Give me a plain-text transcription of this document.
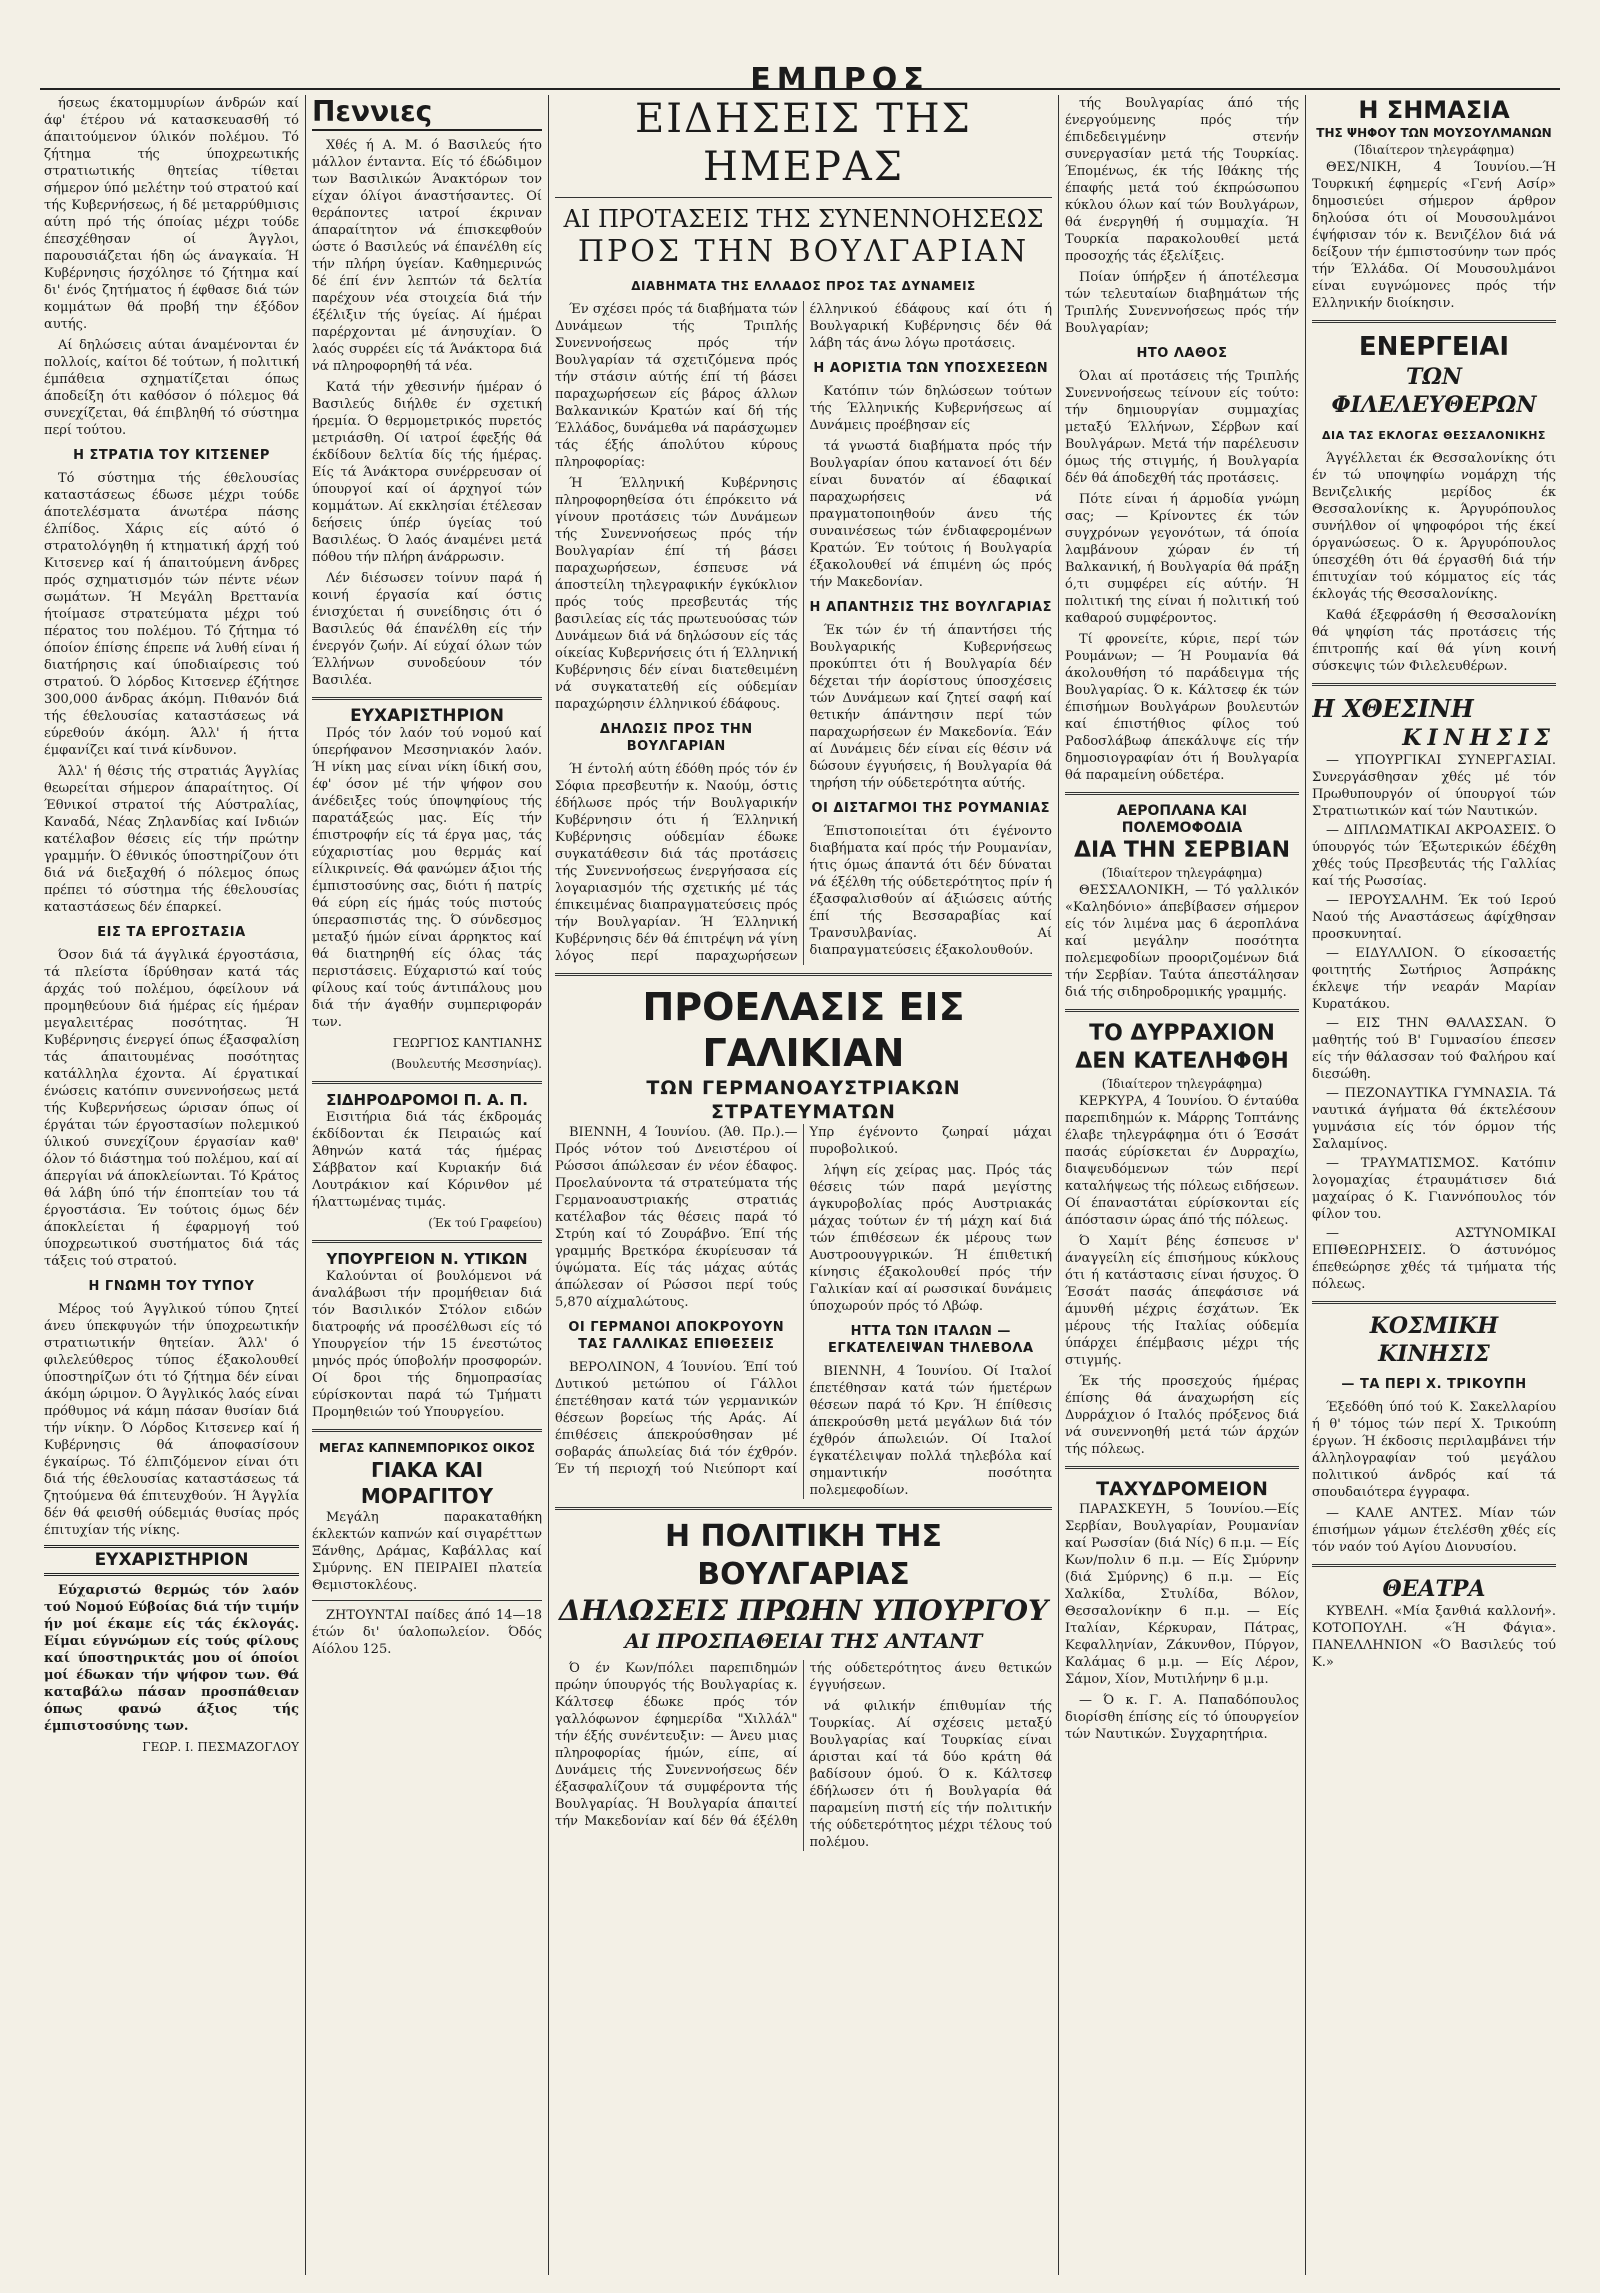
ΕΜΠΡΟΣ

ήσεως έκατομμυρίων άνδρών καί άφ' έτέρου νά κατασκευασθή τό άπαιτούμενον ύλικόν πολέμου. Τό ζήτημα τής ύποχρεωτικής στρατιωτικής θητείας τίθεται σήμερον ύπό μελέτην τού στρατού καί τής Κυβερνήσεως, ή δέ μεταρρύθμισις αύτη πρό τής όποίας μέχρι τούδε έπεσχέθησαν οί Άγγλοι, παρουσιάζεται ήδη ώς άναγκαία. Ή Κυβέρνησις ήσχόλησε τό ζήτημα καί δι' ένός ζητήματος ή έφθασε διά τών κομμάτων θά προβή την έξόδον αυτής.

Αί δηλώσεις αύται άναμένονται έν πολλοίς, καίτοι δέ τούτων, ή πολιτική έμπάθεια σχηματίζεται όπως άποδείξη ότι καθόσον ό πόλεμος θά συνεχίζεται, θά έπιβληθή τό σύστημα περί τούτου.

Η ΣΤΡΑΤΙΑ ΤΟΥ ΚΙΤΣΕΝΕΡ

Τό σύστημα τής έθελουσίας καταστάσεως έδωσε μέχρι τούδε άποτελέσματα άνωτέρα πάσης έλπίδος. Χάρις είς αύτό ό στρατολόγηθη ή κτηματική άρχή τού Κιτσενερ καί ή άπαιτούμενη άνδρες πρός σχηματισμόν τών πέντε νέων σωμάτων. Ή Μεγάλη Βρεττανία ήτοίμασε στρατεύματα μέχρι τού πέρατος του πολέμου. Τό ζήτημα τό όποίον έπίσης έπρεπε νά λυθή είναι ή διατήρησις καί ύποδιαίρεσις τού στρατού. Ό λόρδος Κιτσενερ έζήτησε 300,000 άνδρας άκόμη. Πιθανόν διά τής έθελουσίας καταστάσεως νά εύρεθούν άκόμη. Άλλ' ή ήττα έμφανίζει καί τινά κίνδυνον.

Άλλ' ή θέσις τής στρατιάς Άγγλίας θεωρείται σήμερον άπαραίτητος. Οί Έθνικοί στρατοί τής Αύστραλίας, Καναδά, Νέας Ζηλανδίας καί Ινδιών κατέλαβον θέσεις είς τήν πρώτην γραμμήν. Ό έθνικός ύποστηρίζουν ότι διά νά διεξαχθή ό πόλεμος όπως πρέπει τό σύστημα τής έθελουσίας καταστάσεως δέν έπαρκεί.

ΕΙΣ ΤΑ ΕΡΓΟΣΤΑΣΙΑ

Όσον διά τά άγγλικά έργοστάσια, τά πλείστα ίδρύθησαν κατά τάς άρχάς τού πολέμου, όφείλουν νά προμηθεύουν διά ήμέρας είς ήμέραν μεγαλειτέρας ποσότητας. Ή Κυβέρνησις ένεργεί όπως έξασφαλίση τάς άπαιτουμένας ποσότητας κατάλληλα έχοντα. Αί έργατικαί ένώσεις κατόπιν συνεννοήσεως μετά τής Κυβερνήσεως ώρισαν όπως οί έργάται τών έργοστασίων πολεμικού ύλικού συνεχίζουν έργασίαν καθ' όλον τό διάστημα τού πολέμου, καί αί άπεργίαι νά άποκλείωνται. Τό Κράτος θά λάβη ύπό τήν έποπτείαν του τά έργοστάσια. Έν τούτοις όμως δέν άποκλείεται ή έφαρμογή τού ύποχρεωτικού συστήματος διά τάς τάξεις τού στρατού.

Η ΓΝΩΜΗ ΤΟΥ ΤΥΠΟΥ

Μέρος τού Άγγλικού τύπου ζητεί άνευ ύπεκφυγών τήν ύποχρεωτικήν στρατιωτικήν θητείαν. Άλλ' ό φιλελεύθερος τύπος έξακολουθεί ύποστηρίζων ότι τό ζήτημα δέν είναι άκόμη ώριμον. Ό Άγγλικός λαός είναι πρόθυμος νά κάμη πάσαν θυσίαν διά τήν νίκην. Ό Λόρδος Κιτσενερ καί ή Κυβέρνησις θά άποφασίσουν έγκαίρως. Τό έλπιζόμενον είναι ότι διά τής έθελουσίας καταστάσεως τά ζητούμενα θά έπιτευχθούν. Ή Άγγλία δέν θά φεισθή ούδεμιάς θυσίας πρός έπιτυχίαν τής νίκης.

ΕΥΧΑΡΙΣΤΗΡΙΟΝ

Εύχαριστώ θερμώς τόν λαόν τού Νομού Εύβοίας διά τήν τιμήν ήν μοί έκαμε είς τάς έκλογάς. Είμαι εύγνώμων είς τούς φίλους καί ύποστηρικτάς μου οί όποίοι μοί έδωκαν τήν ψήφον των. Θά καταβάλω πάσαν προσπάθειαν όπως φανώ άξιος τής έμπιστοσύνης των.

ΓΕΩΡ. Ι. ΠΕΣΜΑΖΟΓΛΟΥ
Πεννιες

Χθές ή Α. Μ. ό Βασιλεύς ήτο μάλλον ένταντα. Είς τό έδώδιμον των Βασιλικών Άνακτόρων τον είχαν όλίγοι άναστήσαντες. Οί θεράποντες ιατροί έκριναν άπαραίτητον νά έπισκεφθούν ώστε ό Βασιλεύς νά έπανέλθη είς τήν πλήρη ύγείαν. Καθημερινώς δέ έπί ένν λεπτών τά δελτία παρέχουν νέα στοιχεία διά τήν έξέλιξιν τής ύγείας. Αί ήμέραι παρέρχονται μέ άνησυχίαν. Ό λαός συρρέει είς τά Άνάκτορα διά νά πληροφορηθή τά νέα.

Κατά τήν χθεσινήν ήμέραν ό Βασιλεύς διήλθε έν σχετική ήρεμία. Ό θερμομετρικός πυρετός μετριάσθη. Οί ιατροί έφεξής θά έκδίδουν δελτία δίς τής ήμέρας. Είς τά Άνάκτορα συνέρρευσαν οί ύπουργοί καί οί άρχηγοί τών κομμάτων. Αί εκκλησίαι έτέλεσαν δεήσεις ύπέρ ύγείας τού Βασιλέως. Ό λαός άναμένει μετά πόθου τήν πλήρη άνάρρωσιν.

Λέν διέσωσεν τοίνυν παρά ή κοινή έργασία καί όστις ένισχύεται ή συνείδησις ότι ό Βασιλεύς θά έπανέλθη είς τήν ένεργόν ζωήν. Αί εύχαί όλων τών Έλλήνων συνοδεύουν τόν Βασιλέα.

ΕΥΧΑΡΙΣΤΗΡΙΟΝ

Πρός τόν λαόν τού νομού καί ύπερήφανον Μεσσηνιακόν λαόν. Ή νίκη μας είναι νίκη ίδική σου, έφ' όσον μέ τήν ψήφον σου άνέδειξες τούς ύποψηφίους τής παρατάξεώς μας. Είς τήν έπιστροφήν είς τά έργα μας, τάς εύχαριστίας μου θερμάς καί είλικρινείς. Θά φανώμεν άξιοι τής έμπιστοσύνης σας, διότι ή πατρίς θά εύρη είς ήμάς τούς πιστούς ύπερασπιστάς της. Ό σύνδεσμος μεταξύ ήμών είναι άρρηκτος καί θά διατηρηθή είς όλας τάς περιστάσεις. Εύχαριστώ καί τούς φίλους καί τούς άντιπάλους μου διά τήν άγαθήν συμπεριφοράν των.

ΓΕΩΡΓΙΟΣ ΚΑΝΤΙΑΝΗΣ
(Βουλευτής Μεσσηνίας).
ΣΙΔΗΡΟΔΡΟΜΟΙ Π. Α. Π.

Εισιτήρια διά τάς έκδρομάς έκδίδονται έκ Πειραιώς καί Άθηνών κατά τάς ήμέρας Σάββατον καί Κυριακήν διά Λουτράκιον καί Κόρινθον μέ ήλαττωμένας τιμάς.

(Έκ τού Γραφείου)
ΥΠΟΥΡΓΕΙΟΝ Ν. ΥΤΙΚΩΝ

Καλούνται οί βουλόμενοι νά άναλάβωσι τήν προμήθειαν διά τόν Βασιλικόν Στόλον ειδών διατροφής νά προσέλθωσι είς τό Υπουργείον τήν 15 ένεστώτος μηνός πρός ύποβολήν προσφορών. Οί δροι τής δημοπρασίας εύρίσκονται παρά τώ Τμήματι Προμηθειών τού Υπουργείου.

ΜΕΓΑΣ ΚΑΠΝΕΜΠΟΡΙΚΟΣ ΟΙΚΟΣ
ΓΙΑΚΑ ΚΑΙ ΜΟΡΑΓΙΤΟΥ

Μεγάλη παρακαταθήκη έκλεκτών καπνών καί σιγαρέττων Ξάνθης, Δράμας, Καβάλλας καί Σμύρνης. ΕΝ ΠΕΙΡΑΙΕΙ πλατεία Θεμιστοκλέους.

ΖΗΤΟΥΝΤΑΙ παίδες άπό 14—18 έτών δι' ύαλοπωλείον. Όδός Αίόλου 125.

ΕΙΔΗΣΕΙΣ ΤΗΣ ΗΜΕΡΑΣ
ΑΙ ΠΡΟΤΑΣΕΙΣ ΤΗΣ ΣΥΝΕΝΝΟΗΣΕΩΣ
ΠΡΟΣ ΤΗΝ ΒΟΥΛΓΑΡΙΑΝ
ΔΙΑΒΗΜΑΤΑ ΤΗΣ ΕΛΛΑΔΟΣ ΠΡΟΣ ΤΑΣ ΔΥΝΑΜΕΙΣ

Έν σχέσει πρός τά διαβήματα τών Δυνάμεων τής Τριπλής Συνεννοήσεως πρός τήν Βουλγαρίαν τά σχετιζόμενα πρός τήν στάσιν αύτής έπί τή βάσει παραχωρήσεων είς βάρος άλλων Βαλκανικών Κρατών καί δή τής Έλλάδος, δυνάμεθα νά παράσχωμεν τάς έξής άπολύτου κύρους πληροφορίας:

Ή Έλληνική Κυβέρνησις πληροφορηθείσα ότι έπρόκειτο νά γίνουν προτάσεις τών Δυνάμεων τής Συνεννοήσεως πρός τήν Βουλγαρίαν έπί τή βάσει παραχωρήσεων, έσπευσε νά άποστείλη τηλεγραφικήν έγκύκλιον πρός τούς πρεσβευτάς τής βασιλείας είς τάς πρωτευούσας τών Δυνάμεων διά νά δηλώσουν είς τάς οίκείας Κυβερνήσεις ότι ή Έλληνική Κυβέρνησις δέν είναι διατεθειμένη νά συγκατατεθή είς ούδεμίαν παραχώρησιν έλληνικού έδάφους.

ΔΗΛΩΣΙΣ ΠΡΟΣ ΤΗΝ ΒΟΥΛΓΑΡΙΑΝ

Ή έντολή αύτη έδόθη πρός τόν έν Σόφια πρεσβευτήν κ. Ναούμ, όστις έδήλωσε πρός τήν Βουλγαρικήν Κυβέρνησιν ότι ή Έλληνική Κυβέρνησις ούδεμίαν έδωκε συγκατάθεσιν διά τάς προτάσεις τής Συνεννοήσεως ένεργήσασα είς λογαριασμόν τής σχετικής μέ τάς έπικειμένας διαπραγματεύσεις πρός τήν Βουλγαρίαν. Ή Έλληνική Κυβέρνησις δέν θά έπιτρέψη νά γίνη λόγος περί παραχωρήσεων έλληνικού έδάφους καί ότι ή Βουλγαρική Κυβέρνησις δέν θά λάβη τάς άνω λόγω προτάσεις.

Η ΑΟΡΙΣΤΙΑ ΤΩΝ ΥΠΟΣΧΕΣΕΩΝ

Κατόπιν τών δηλώσεων τούτων τής Έλληνικής Κυβερνήσεως αί Δυνάμεις προέβησαν είς

τά γνωστά διαβήματα πρός τήν Βουλγαρίαν όπου κατανοεί ότι δέν είναι δυνατόν αί έδαφικαί παραχωρήσεις νά πραγματοποιηθούν άνευ τής συναινέσεως τών ένδιαφερομένων Κρατών. Έν τούτοις ή Βουλγαρία έξακολουθεί νά έπιμένη ώς πρός τήν Μακεδονίαν.

Η ΑΠΑΝΤΗΣΙΣ ΤΗΣ ΒΟΥΛΓΑΡΙΑΣ

Έκ τών έν τή άπαντήσει τής Βουλγαρικής Κυβερνήσεως προκύπτει ότι ή Βουλγαρία δέν δέχεται τήν άορίστους ύποσχέσεις τών Δυνάμεων καί ζητεί σαφή καί θετικήν άπάντησιν περί τών παραχωρήσεων έν Μακεδονία. Έάν αί Δυνάμεις δέν είναι είς θέσιν νά δώσουν έγγυήσεις, ή Βουλγαρία θά τηρήση τήν ούδετερότητα αύτής.

ΟΙ ΔΙΣΤΑΓΜΟΙ ΤΗΣ ΡΟΥΜΑΝΙΑΣ

Έπιστοποιείται ότι έγένοντο διαβήματα καί πρός τήν Ρουμανίαν, ήτις όμως άπαντά ότι δέν δύναται νά έξέλθη τής ούδετερότητος πρίν ή έξασφαλισθούν αί άξιώσεις αύτής έπί τής Βεσσαραβίας καί Τρανσυλβανίας. Αί διαπραγματεύσεις έξακολουθούν.

ΠΡΟΕΛΑΣΙΣ ΕΙΣ ΓΑΛΙΚΙΑΝ
ΤΩΝ ΓΕΡΜΑΝΟΑΥΣΤΡΙΑΚΩΝ ΣΤΡΑΤΕΥΜΑΤΩΝ

ΒΙΕΝΝΗ, 4 Ίουνίου. (Άθ. Πρ.).—Πρός νότον τού Δνειστέρου οί Ρώσσοι άπώλεσαν έν νέον έδαφος. Προελαύνοντα τά στρατεύματα τής Γερμανοαυστριακής στρατιάς κατέλαβον τάς θέσεις παρά τό Στρύη καί τό Ζουράβνο. Έπί τής γραμμής Βρετκόρα έκυρίευσαν τά ύψώματα. Είς τάς μάχας αύτάς άπώλεσαν οί Ρώσσοι περί τούς 5,870 αίχμαλώτους.

ΟΙ ΓΕΡΜΑΝΟΙ ΑΠΟΚΡΟΥΟΥΝ ΤΑΣ ΓΑΛΛΙΚΑΣ ΕΠΙΘΕΣΕΙΣ

ΒΕΡΟΛΙΝΟΝ, 4 Ίουνίου. Έπί τού Δυτικού μετώπου οί Γάλλοι έπετέθησαν κατά τών γερμανικών θέσεων βορείως τής Αράς. Αί έπιθέσεις άπεκρούσθησαν μέ σοβαράς άπωλείας διά τόν έχθρόν. Έν τή περιοχή τού Νιεύπορτ καί Υπρ έγένοντο ζωηραί μάχαι πυροβολικού.

λήψη είς χείρας μας. Πρός τάς θέσεις τών παρά μεγίστης άγκυροβολίας πρός Αυστριακάς μάχας τούτων έν τή μάχη καί διά τών έπιθέσεων έκ μέρους των Αυστροουγγρικών. Ή έπιθετική κίνησις έξακολουθεί πρός τήν Γαλικίαν καί αί ρωσσικαί δυνάμεις ύποχωρούν πρός τό Λβώφ.

ΗΤΤΑ ΤΩΝ ΙΤΑΛΩΝ — ΕΓΚΑΤΕΛΕΙΨΑΝ ΤΗΛΕΒΟΛΑ

ΒΙΕΝΝΗ, 4 Ίουνίου. Οί Ιταλοί έπετέθησαν κατά τών ήμετέρων θέσεων παρά τό Κρν. Ή έπίθεσις άπεκρούσθη μετά μεγάλων διά τόν έχθρόν άπωλειών. Οί Ιταλοί έγκατέλειψαν πολλά τηλεβόλα καί σημαντικήν ποσότητα πολεμεφοδίων.

Η ΠΟΛΙΤΙΚΗ ΤΗΣ ΒΟΥΛΓΑΡΙΑΣ
ΔΗΛΩΣΕΙΣ ΠΡΩΗΝ ΥΠΟΥΡΓΟΥ
ΑΙ ΠΡΟΣΠΑΘΕΙΑΙ ΤΗΣ ΑΝΤΑΝΤ

Ό έν Κων/πόλει παρεπιδημών πρώην ύπουργός τής Βουλγαρίας κ. Κάλτσεφ έδωκε πρός τόν γαλλόφωνον έφημερίδα "Χιλλάλ" τήν έξής συνέντευξιν: — Άνευ μιας πληροφορίας ήμών, είπε, αί Δυνάμεις τής Συνεννοήσεως δέν έξασφαλίζουν τά συμφέροντα τής Βουλγαρίας. Ή Βουλγαρία άπαιτεί τήν Μακεδονίαν καί δέν θά έξέλθη τής ούδετερότητος άνευ θετικών έγγυήσεων.

νά φιλικήν έπιθυμίαν τής Τουρκίας. Αί σχέσεις μεταξύ Βουλγαρίας καί Τουρκίας είναι άρισται καί τά δύο κράτη θά βαδίσουν όμού. Ό κ. Κάλτσεφ έδήλωσεν ότι ή Βουλγαρία θά παραμείνη πιστή είς τήν πολιτικήν τής ούδετερότητος μέχρι τέλους τού πολέμου.

τής Βουλγαρίας άπό τής ένεργούμενης πρός τήν έπιδεδειγμένην στενήν συνεργασίαν μετά τής Τουρκίας. Έπομένως, έκ τής Ιθάκης τής έπαφής μετά τού έκπρώσωπου κύκλου όλων καί τών Βουλγάρων, θά ένεργηθή ή συμμαχία. Ή Τουρκία παρακολουθεί μετά προσοχής τάς έξελίξεις.

Ποίαν ύπήρξεν ή άποτέλεσμα τών τελευταίων διαβημάτων τής Τριπλής Συνεννοήσεως πρός τήν Βουλγαρίαν;

ΗΤΟ ΛΑΘΟΣ

Όλαι αί προτάσεις τής Τριπλής Συνεννοήσεως τείνουν είς τούτο: τήν δημιουργίαν συμμαχίας μεταξύ Έλλήνων, Σέρβων καί Βουλγάρων. Μετά τήν παρέλευσιν όμως τής στιγμής, ή Βουλγαρία δέν θά άποδεχθή τάς προτάσεις.

Πότε είναι ή άρμοδία γνώμη σας; — Κρίνοντες έκ τών συγχρόνων γεγονότων, τά όποία λαμβάνουν χώραν έν τή Βαλκανική, ή Βουλγαρία θά πράξη ό,τι συμφέρει είς αύτήν. Ή πολιτική της είναι ή πολιτική τού καθαρού συμφέροντος.

Τί φρονείτε, κύριε, περί τών Ρουμάνων; — Ή Ρουμανία θά άκολουθήση τό παράδειγμα τής Βουλγαρίας. Ό κ. Κάλτσεφ έκ τών έπισήμων Βουλγάρων βουλευτών καί έπιστήθιος φίλος τού Ραδοσλάβωφ άπεκάλυψε είς τήν δημοσιογραφίαν ότι ή Βουλγαρία θά παραμείνη ούδετέρα.

ΑΕΡΟΠΛΑΝΑ ΚΑΙ ΠΟΛΕΜΟΦΟΔΙΑ
ΔΙΑ ΤΗΝ ΣΕΡΒΙΑΝ
(Ίδιαίτερον τηλεγράφημα)

ΘΕΣΣΑΛΟΝΙΚΗ, — Τό γαλλικόν «Καληδόνιο» άπεβίβασεν σήμερον είς τόν λιμένα μας 6 άεροπλάνα καί μεγάλην ποσότητα πολεμεφοδίων προοριζομένων διά τήν Σερβίαν. Ταύτα άπεστάλησαν διά τής σιδηροδρομικής γραμμής.

ΤΟ ΔΥΡΡΑΧΙΟΝ
ΔΕΝ ΚΑΤΕΛΗΦΘΗ
(Ίδιαίτερον τηλεγράφημα)

ΚΕΡΚΥΡΑ, 4 Ίουνίου. Ό ένταύθα παρεπιδημών κ. Μάρρης Τοπτάνης έλαβε τηλεγράφημα ότι ό Έσσάτ πασάς εύρίσκεται έν Δυρραχίω, διαψευδόμενων τών περί καταλήψεως τής πόλεως ειδήσεων. Οί έπαναστάται εύρίσκονται είς άπόστασιν ώρας άπό τής πόλεως.

Ό Χαμίτ βέης έσπευσε ν' άναγγείλη είς έπισήμους κύκλους ότι ή κατάστασις είναι ήσυχος. Ό Έσσάτ πασάς άπεφάσισε νά άμυνθή μέχρις έσχάτων. Έκ μέρους τής Ιταλίας ούδεμία ύπάρχει έπέμβασις μέχρι τής στιγμής.

Έκ τής προσεχούς ήμέρας έπίσης θά άναχωρήση είς Δυρράχιον ό Ιταλός πρόξενος διά νά συνεννοηθή μετά τών άρχών τής πόλεως.

ΤΑΧΥΔΡΟΜΕΙΟΝ

ΠΑΡΑΣΚΕΥΗ, 5 Ίουνίου.—Είς Σερβίαν, Βουλγαρίαν, Ρουμανίαν καί Ρωσσίαν (διά Νίς) 6 π.μ. — Είς Κων/πολιν 6 π.μ. — Είς Σμύρνην (διά Σμύρνης) 6 π.μ. — Είς Χαλκίδα, Στυλίδα, Βόλον, Θεσσαλονίκην 6 π.μ. — Είς Ιταλίαν, Κέρκυραν, Πάτρας, Κεφαλληνίαν, Ζάκυνθον, Πύργον, Καλάμας 6 μ.μ. — Είς Λέρον, Σάμον, Χίον, Μυτιλήνην 6 μ.μ.

— Ό κ. Γ. Α. Παπαδόπουλος διορίσθη έπίσης είς τό ύπουργείον τών Ναυτικών. Συγχαρητήρια.

Η ΣΗΜΑΣΙΑ
ΤΗΣ ΨΗΦΟΥ ΤΩΝ ΜΟΥΣΟΥΛΜΑΝΩΝ
(Ίδιαίτερον τηλεγράφημα)

ΘΕΣ/ΝΙΚΗ, 4 Ίουνίου.—Ή Τουρκική έφημερίς «Γενή Ασίρ» δημοσιεύει σήμερον άρθρον δηλούσα ότι οί Μουσουλμάνοι έψήφισαν τόν κ. Βενιζέλον διά νά δείξουν τήν έμπιστοσύνην των πρός τήν Έλλάδα. Οί Μουσουλμάνοι είναι ευγνώμονες πρός τήν Ελληνικήν διοίκησιν.

ΕΝΕΡΓΕΙΑΙ
ΤΩΝ ΦΙΛΕΛΕΥΘΕΡΩΝ
ΔΙΑ ΤΑΣ ΕΚΛΟΓΑΣ ΘΕΣΣΑΛΟΝΙΚΗΣ

Άγγέλλεται έκ Θεσσαλονίκης ότι έν τώ υποψηφίω νομάρχη τής Βενιζελικής μερίδος έκ Θεσσαλονίκης κ. Άργυρόπουλος συνήλθον οί ψηφοφόροι τής έκεί όργανώσεως. Ό κ. Άργυρόπουλος ύπεσχέθη ότι θά έργασθή διά τήν έπιτυχίαν τού κόμματος είς τάς έκλογάς τής Θεσσαλονίκης.

Καθά έξεφράσθη ή Θεσσαλονίκη θά ψηφίση τάς προτάσεις τής έπιτροπής καί θά γίνη κοινή σύσκεψις τών Φιλελευθέρων.

Η ΧΘΕΣΙΝΗ
ΚΙΝΗΣΙΣ

— ΥΠΟΥΡΓΙΚΑΙ ΣΥΝΕΡΓΑΣΙΑΙ. Συνεργάσθησαν χθές μέ τόν Πρωθυπουργόν οί ύπουργοί τών Στρατιωτικών καί τών Ναυτικών.

— ΔΙΠΛΩΜΑΤΙΚΑΙ ΑΚΡΟΑΣΕΙΣ. Ό ύπουργός τών Έξωτερικών έδέχθη χθές τούς Πρεσβευτάς τής Γαλλίας καί τής Ρωσσίας.

— ΙΕΡΟΥΣΑΛΗΜ. Έκ τού Ιερού Ναού τής Αναστάσεως άφίχθησαν προσκυνηταί.

— ΕΙΔΥΛΛΙΟΝ. Ό είκοσαετής φοιτητής Σωτήριος Άσπράκης έκλεψε τήν νεαράν Μαρίαν Κυρατάκου.

— ΕΙΣ ΤΗΝ ΘΑΛΑΣΣΑΝ. Ό μαθητής τού Β' Γυμνασίου έπεσεν είς τήν θάλασσαν τού Φαλήρου καί διεσώθη.

— ΠΕΖΟΝΑΥΤΙΚΑ ΓΥΜΝΑΣΙΑ. Τά ναυτικά άγήματα θά έκτελέσουν γυμνάσια είς τόν όρμον τής Σαλαμίνος.

— ΤΡΑΥΜΑΤΙΣΜΟΣ. Κατόπιν λογομαχίας έτραυμάτισεν διά μαχαίρας ό Κ. Γιαννόπουλος τόν φίλον του.

— ΑΣΤΥΝΟΜΙΚΑΙ ΕΠΙΘΕΩΡΗΣΕΙΣ. Ό άστυνόμος έπεθεώρησε χθές τά τμήματα τής πόλεως.

ΚΟΣΜΙΚΗ ΚΙΝΗΣΙΣ
— ΤΑ ΠΕΡΙ Χ. ΤΡΙΚΟΥΠΗ

Έξεδόθη ύπό τού Κ. Σακελλαρίου ή θ' τόμος τών περί Χ. Τρικούπη έργων. Ή έκδοσις περιλαμβάνει τήν άλληλογραφίαν τού μεγάλου πολιτικού άνδρός καί τά σπουδαιότερα έγγραφα.

— ΚΑΛΕ ΑΝΤΕΣ. Μίαν τών έπισήμων γάμων έτελέσθη χθές είς τόν ναόν τού Αγίου Διονυσίου.

ΘΕΑΤΡΑ

ΚΥΒΕΛΗ. «Μία ξανθιά καλλονή». ΚΟΤΟΠΟΥΛΗ. «Ή Φάγια». ΠΑΝΕΛΛΗΝΙΟΝ «Ό Βασιλεύς τού Κ.»
